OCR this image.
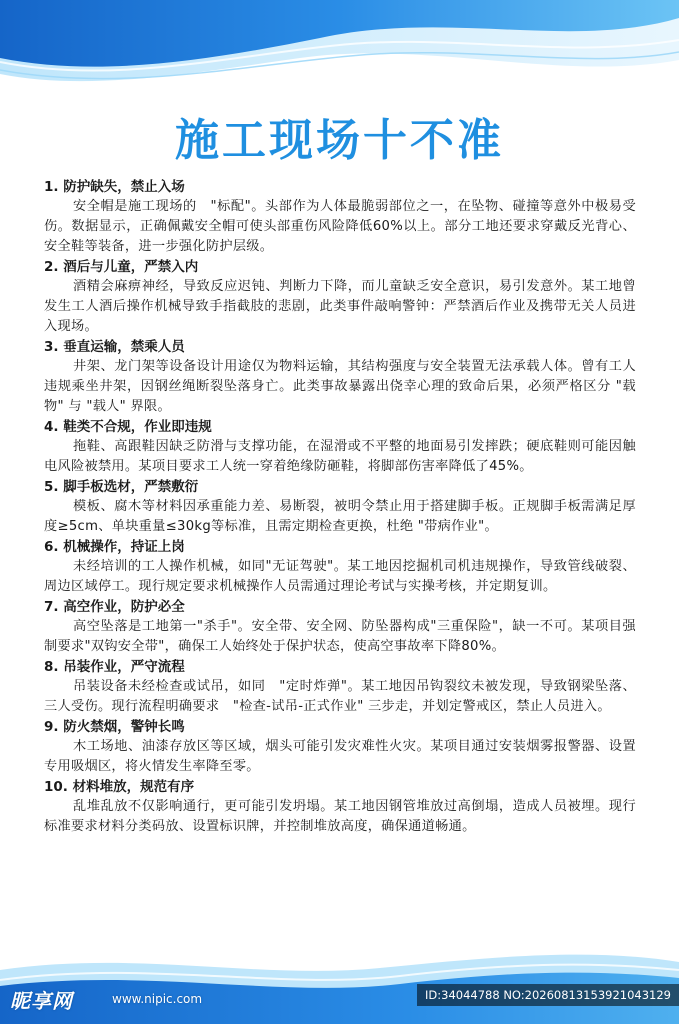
施工现场十不准

1. 防护缺失，禁止入场

安全帽是施工现场的　"标配"。头部作为人体最脆弱部位之一，在坠物、碰撞等意外中极易受伤。数据显示，正确佩戴安全帽可使头部重伤风险降低60%以上。部分工地还要求穿戴反光背心、安全鞋等装备，进一步强化防护层级。

2. 酒后与儿童，严禁入内

酒精会麻痹神经，导致反应迟钝、判断力下降，而儿童缺乏安全意识，易引发意外。某工地曾发生工人酒后操作机械导致手指截肢的悲剧，此类事件敲响警钟：严禁酒后作业及携带无关人员进入现场。

3. 垂直运输，禁乘人员

井架、龙门架等设备设计用途仅为物料运输，其结构强度与安全装置无法承载人体。曾有工人违规乘坐井架，因钢丝绳断裂坠落身亡。此类事故暴露出侥幸心理的致命后果，必须严格区分 "载物" 与 "载人" 界限。

4. 鞋类不合规，作业即违规

拖鞋、高跟鞋因缺乏防滑与支撑功能，在湿滑或不平整的地面易引发摔跌；硬底鞋则可能因触电风险被禁用。某项目要求工人统一穿着绝缘防砸鞋，将脚部伤害率降低了45%。

5. 脚手板选材，严禁敷衍

模板、腐木等材料因承重能力差、易断裂，被明令禁止用于搭建脚手板。正规脚手板需满足厚度≥5cm、单块重量≤30kg等标准，且需定期检查更换，杜绝 "带病作业"。

6. 机械操作，持证上岗

未经培训的工人操作机械，如同"无证驾驶"。某工地因挖掘机司机违规操作，导致管线破裂、周边区域停工。现行规定要求机械操作人员需通过理论考试与实操考核，并定期复训。

7. 高空作业，防护必全

高空坠落是工地第一"杀手"。安全带、安全网、防坠器构成"三重保险"，缺一不可。某项目强制要求"双钩安全带"，确保工人始终处于保护状态，使高空事故率下降80%。

8. 吊装作业，严守流程

吊装设备未经检查或试吊，如同　"定时炸弹"。某工地因吊钩裂纹未被发现，导致钢梁坠落、三人受伤。现行流程明确要求　"检查-试吊-正式作业" 三步走，并划定警戒区，禁止人员进入。

9. 防火禁烟，警钟长鸣

木工场地、油漆存放区等区域，烟头可能引发灾难性火灾。某项目通过安装烟雾报警器、设置专用吸烟区，将火情发生率降至零。

10. 材料堆放，规范有序

乱堆乱放不仅影响通行，更可能引发坍塌。某工地因钢管堆放过高倒塌，造成人员被埋。现行标准要求材料分类码放、设置标识牌，并控制堆放高度，确保通道畅通。

昵享网	www.nipic.com	ID:34044788 NO:20260813153921043129
